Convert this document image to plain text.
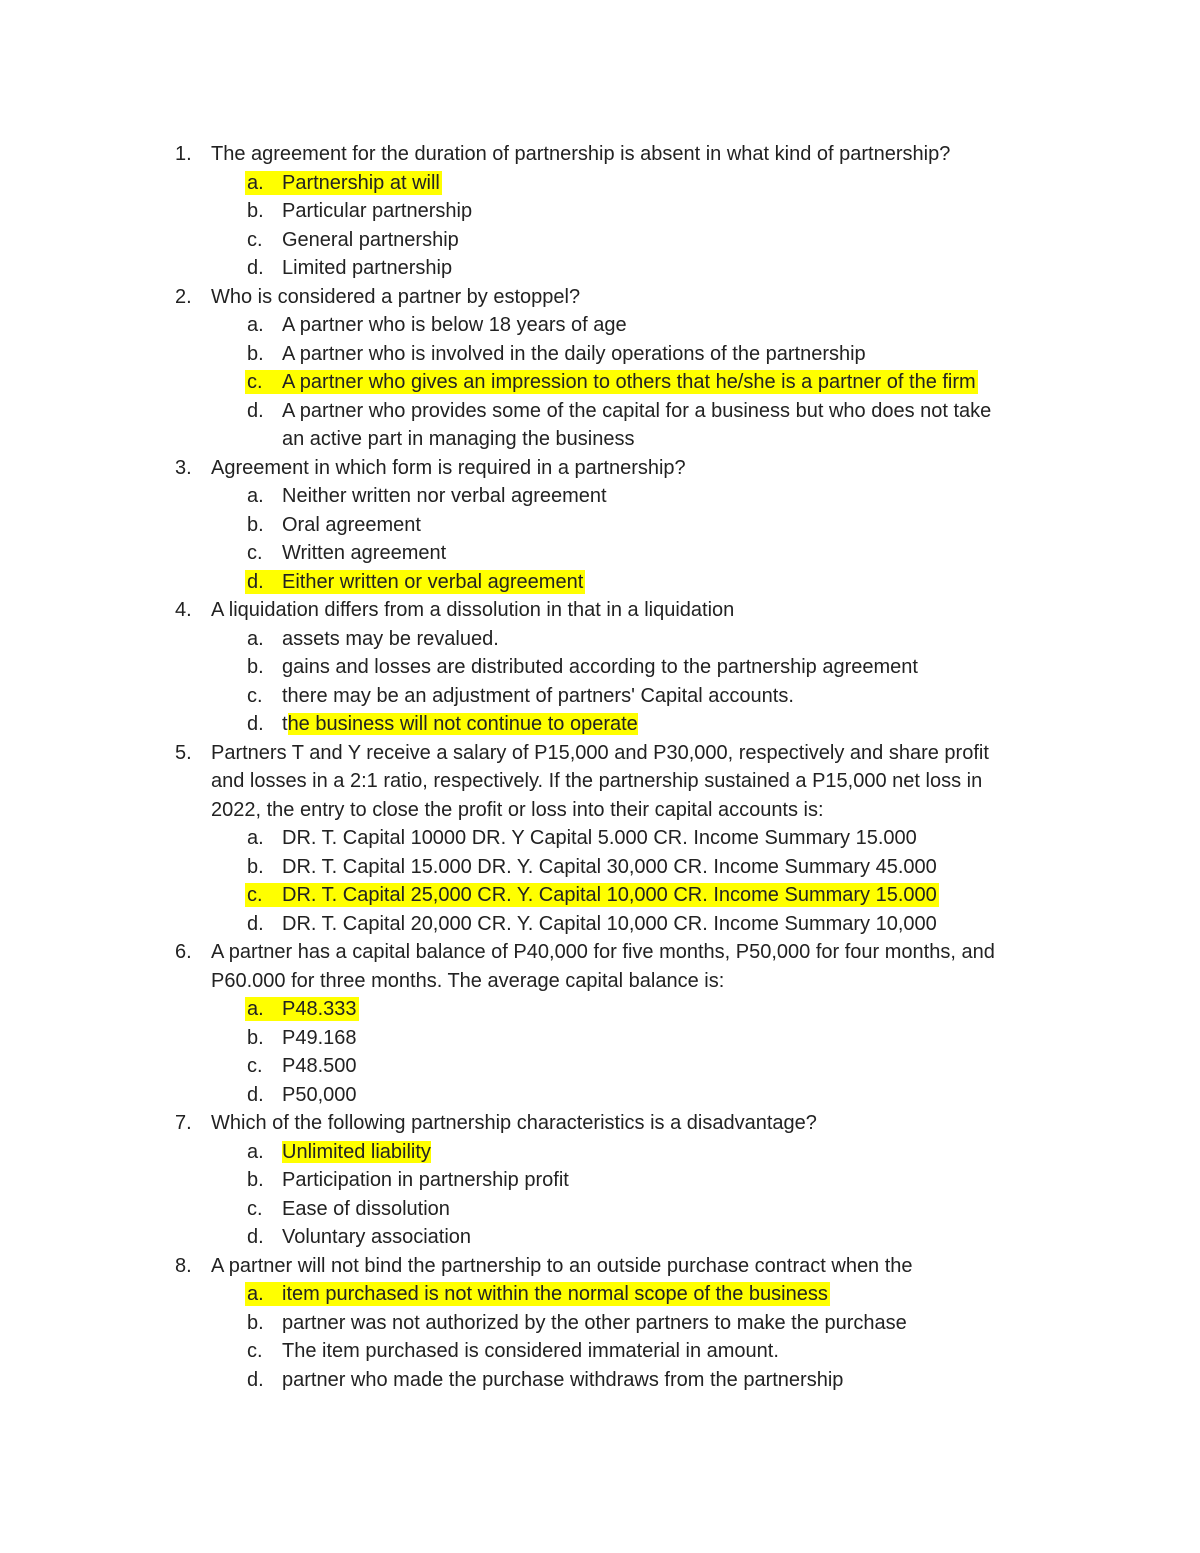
1. The agreement for the duration of partnership is absent in what kind of partnership?
a. Partnership at will
b. Particular partnership
c. General partnership
d. Limited partnership
2. Who is considered a partner by estoppel?
a. A partner who is below 18 years of age
b. A partner who is involved in the daily operations of the partnership
c. A partner who gives an impression to others that he/she is a partner of the firm
d. A partner who provides some of the capital for a business but who does not take
an active part in managing the business
3. Agreement in which form is required in a partnership?
a. Neither written nor verbal agreement
b. Oral agreement
c. Written agreement
d. Either written or verbal agreement
4. A liquidation differs from a dissolution in that in a liquidation
a. assets may be revalued.
b. gains and losses are distributed according to the partnership agreement
c. there may be an adjustment of partners' Capital accounts.
d. the business will not continue to operate
5. Partners T and Y receive a salary of P15,000 and P30,000, respectively and share profit
and losses in a 2:1 ratio, respectively. If the partnership sustained a P15,000 net loss in
2022, the entry to close the profit or loss into their capital accounts is:
a. DR. T. Capital 10000 DR. Y Capital 5.000 CR. Income Summary 15.000
b. DR. T. Capital 15.000 DR. Y. Capital 30,000 CR. Income Summary 45.000
c. DR. T. Capital 25,000 CR. Y. Capital 10,000 CR. Income Summary 15.000
d. DR. T. Capital 20,000 CR. Y. Capital 10,000 CR. Income Summary 10,000
6. A partner has a capital balance of P40,000 for five months, P50,000 for four months, and
P60.000 for three months. The average capital balance is:
a. P48.333
b. P49.168
c. P48.500
d. P50,000
7. Which of the following partnership characteristics is a disadvantage?
a. Unlimited liability
b. Participation in partnership profit
c. Ease of dissolution
d. Voluntary association
8. A partner will not bind the partnership to an outside purchase contract when the
a. item purchased is not within the normal scope of the business
b. partner was not authorized by the other partners to make the purchase
c. The item purchased is considered immaterial in amount.
d. partner who made the purchase withdraws from the partnership
